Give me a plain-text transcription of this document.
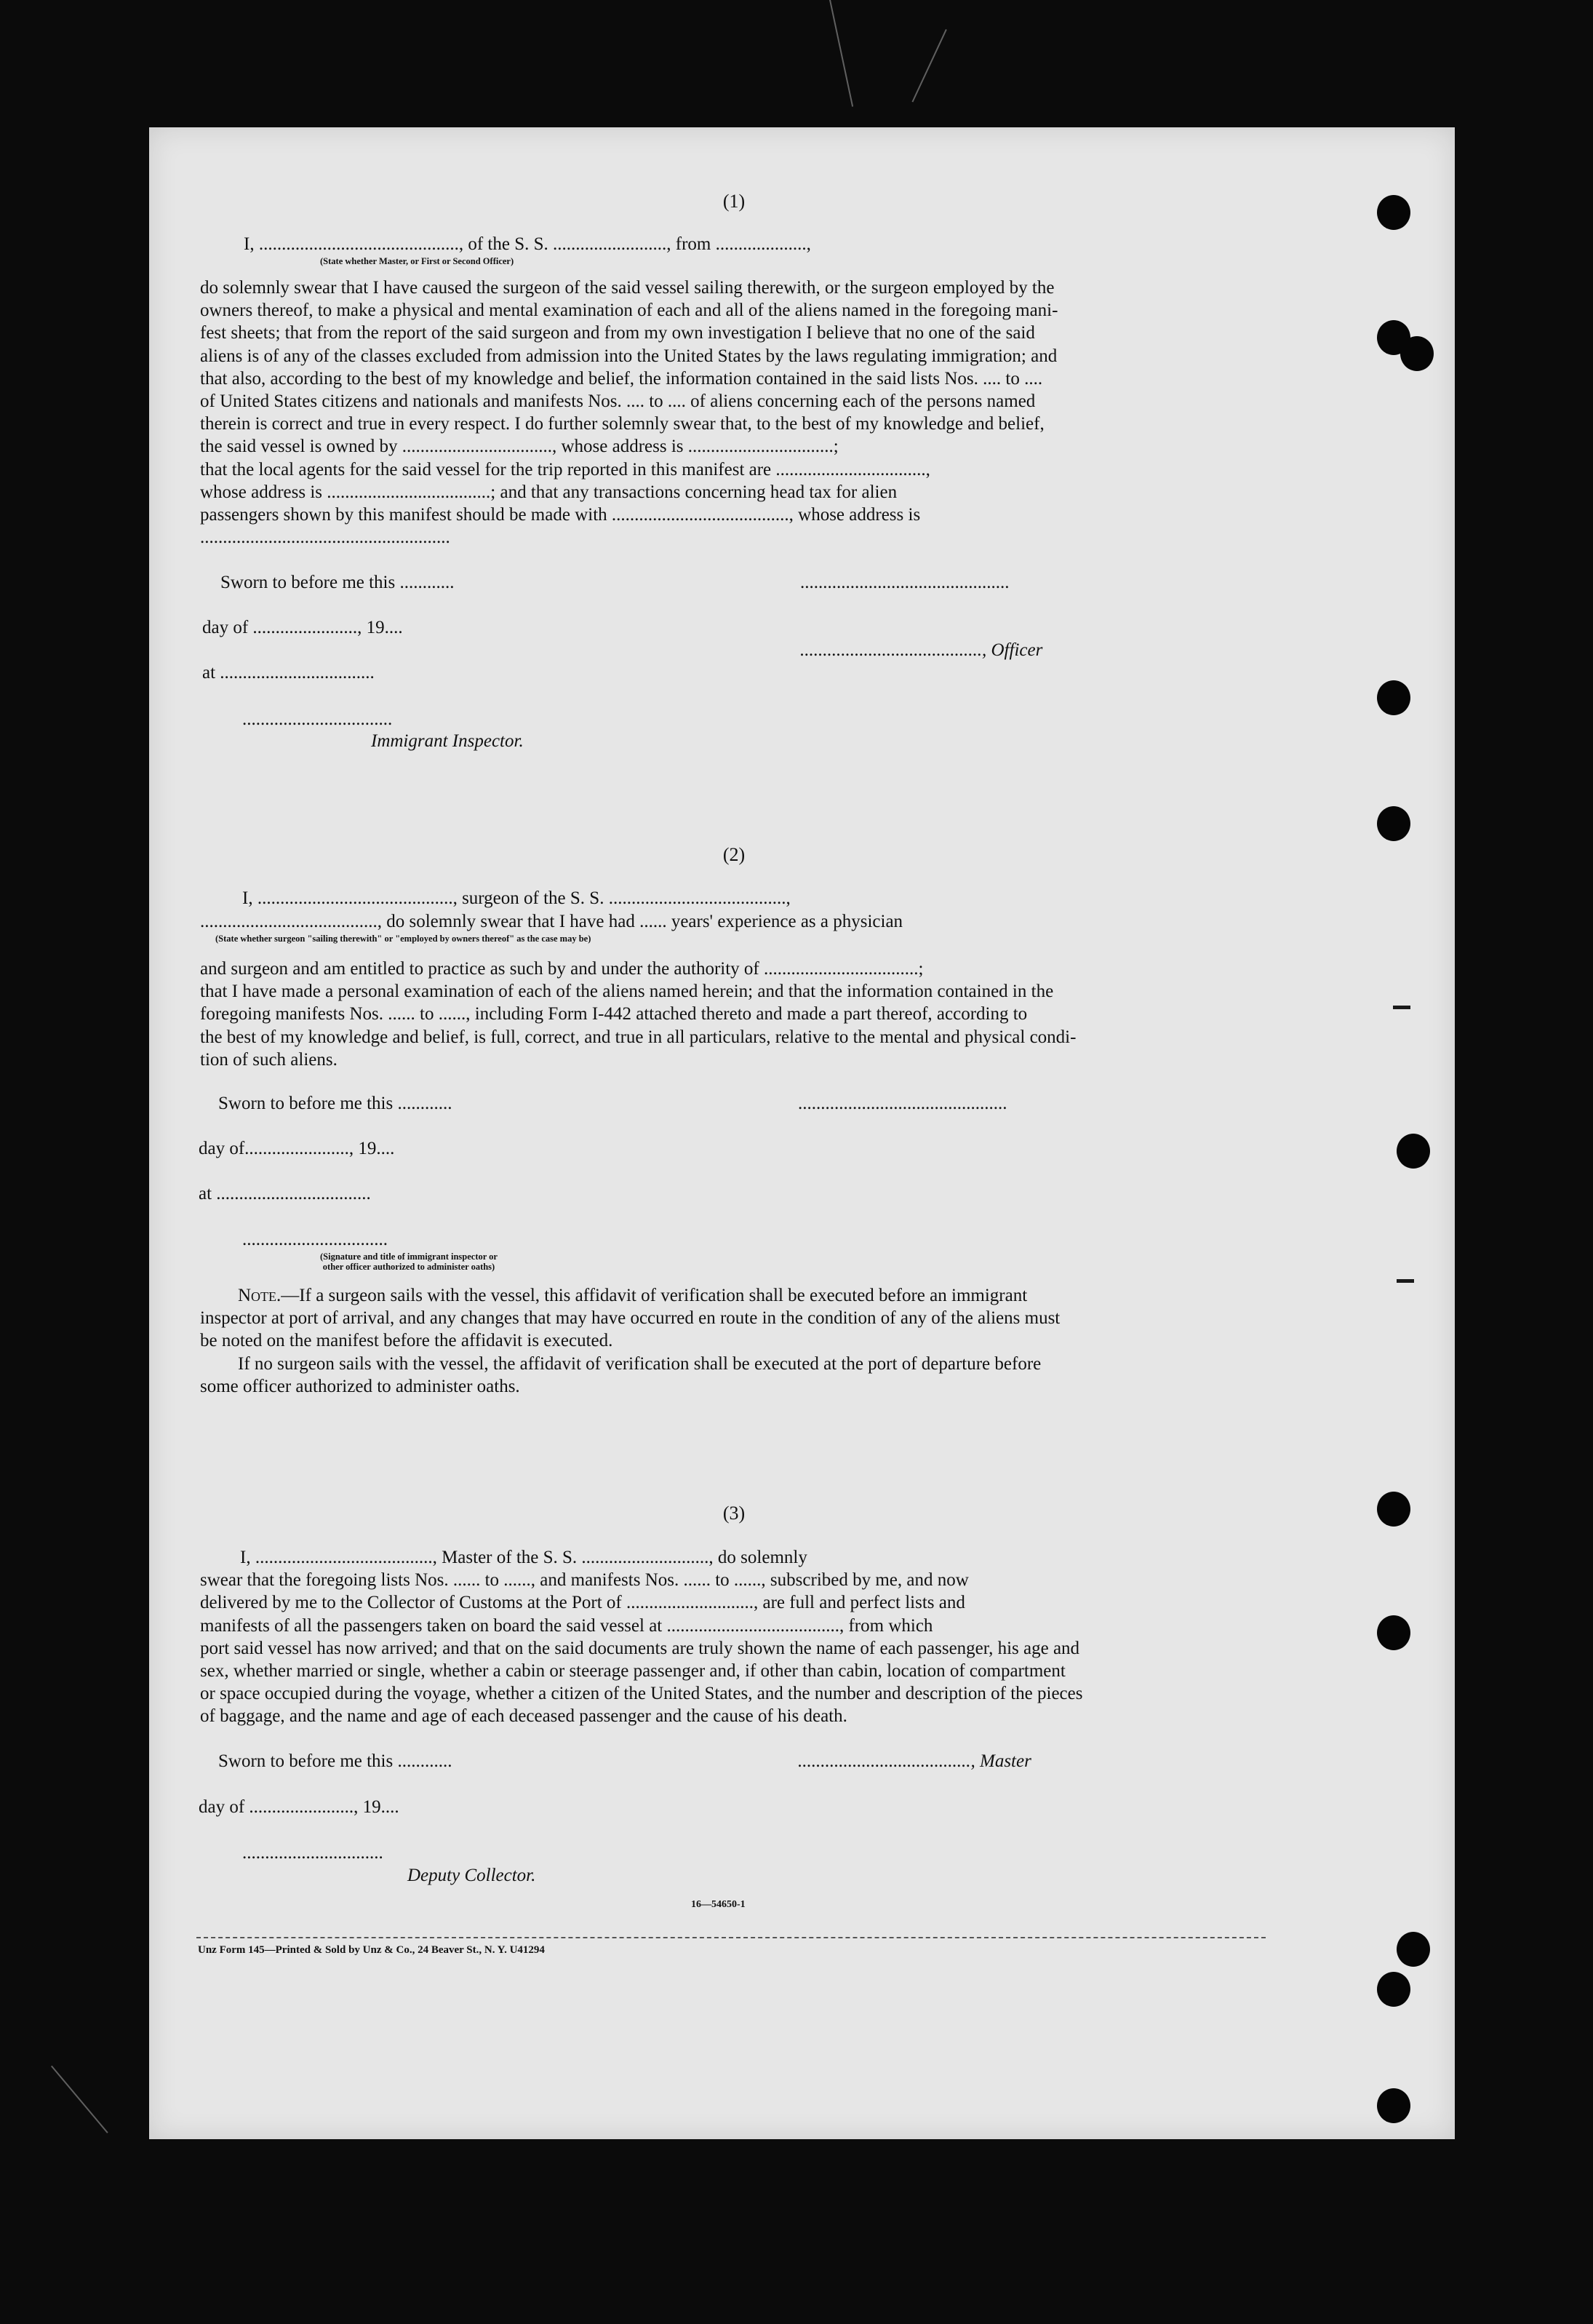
(1)
I, ............................................, of the S. S. ........................., from ....................,
(State whether Master, or First or Second Officer)
do solemnly swear that I have caused the surgeon of the said vessel sailing therewith, or the surgeon employed by the
owners thereof, to make a physical and mental examination of each and all of the aliens named in the foregoing mani-
fest sheets; that from the report of the said surgeon and from my own investigation I believe that no one of the said
aliens is of any of the classes excluded from admission into the United States by the laws regulating immigration; and
that also, according to the best of my knowledge and belief, the information contained in the said lists Nos. .... to ....
of United States citizens and nationals and manifests Nos. .... to .... of aliens concerning each of the persons named
therein is correct and true in every respect. I do further solemnly swear that, to the best of my knowledge and belief,
the said vessel is owned by ................................., whose address is ................................;
that the local agents for the said vessel for the trip reported in this manifest are .................................,
whose address is ....................................; and that any transactions concerning head tax for alien
passengers shown by this manifest should be made with ......................................., whose address is
.......................................................
Sworn to before me this ............	..............................................
day of ......................., 19....
........................................, Officer
at ..................................
.................................
Immigrant Inspector.
(2)
I, ..........................................., surgeon of the S. S. .......................................,
......................................., do solemnly swear that I have had ...... years' experience as a physician
(State whether surgeon "sailing therewith" or "employed by owners thereof" as the case may be)
and surgeon and am entitled to practice as such by and under the authority of ..................................;
that I have made a personal examination of each of the aliens named herein; and that the information contained in the
foregoing manifests Nos. ...... to ......, including Form I-442 attached thereto and made a part thereof, according to
the best of my knowledge and belief, is full, correct, and true in all particulars, relative to the mental and physical condi-
tion of such aliens.
Sworn to before me this ............	..............................................
day of......................., 19....
at ..................................
................................
(Signature and title of immigrant inspector or
other officer authorized to administer oaths)
Note.—If a surgeon sails with the vessel, this affidavit of verification shall be executed before an immigrant
inspector at port of arrival, and any changes that may have occurred en route in the condition of any of the aliens must
be noted on the manifest before the affidavit is executed.
If no surgeon sails with the vessel, the affidavit of verification shall be executed at the port of departure before
some officer authorized to administer oaths.
(3)
I, ......................................., Master of the S. S. ............................, do solemnly
swear that the foregoing lists Nos. ...... to ......, and manifests Nos. ...... to ......, subscribed by me, and now
delivered by me to the Collector of Customs at the Port of ............................, are full and perfect lists and
manifests of all the passengers taken on board the said vessel at ......................................, from which
port said vessel has now arrived; and that on the said documents are truly shown the name of each passenger, his age and
sex, whether married or single, whether a cabin or steerage passenger and, if other than cabin, location of compartment
or space occupied during the voyage, whether a citizen of the United States, and the number and description of the pieces
of baggage, and the name and age of each deceased passenger and the cause of his death.
Sworn to before me this ............	......................................, Master
day of ......................., 19....
...............................
Deputy Collector.
16—54650-1
Unz Form 145—Printed & Sold by Unz & Co., 24 Beaver St., N. Y. U41294
